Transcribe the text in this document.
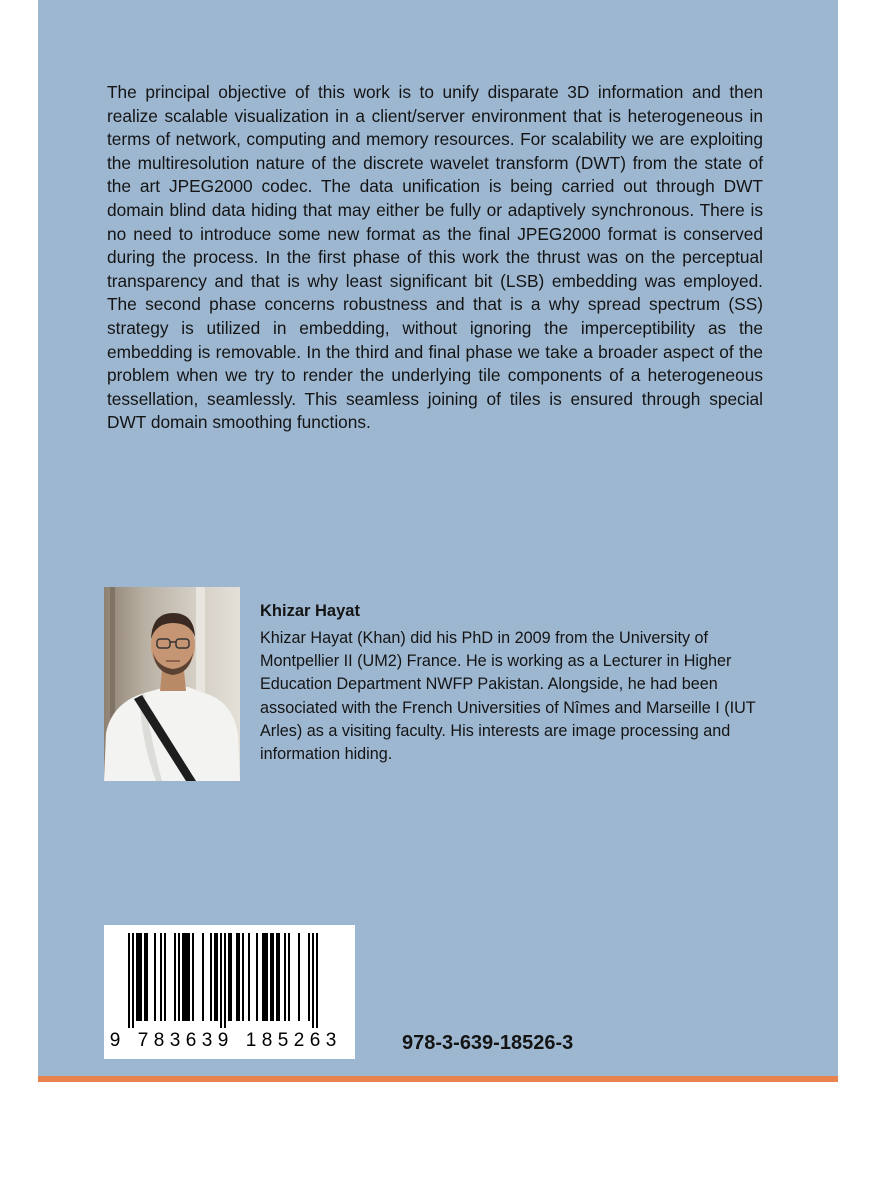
The principal objective of this work is to unify disparate 3D information and then realize scalable visualization in a client/server environment that is heterogeneous in terms of network, computing and memory resources. For scalability we are exploiting the multiresolution nature of the discrete wavelet transform (DWT) from the state of the art JPEG2000 codec. The data unification is being carried out through DWT domain blind data hiding that may either be fully or adaptively synchronous. There is no need to introduce some new format as the final JPEG2000 format is conserved during the process. In the first phase of this work the thrust was on the perceptual transparency and that is why least significant bit (LSB) embedding was employed. The second phase concerns robustness and that is a why spread spectrum (SS) strategy is utilized in embedding, without ignoring the imperceptibility as the embedding is removable. In the third and final phase we take a broader aspect of the problem when we try to render the underlying tile components of a heterogeneous tessellation, seamlessly. This seamless joining of tiles is ensured through special DWT domain smoothing functions.

Khizar Hayat

Khizar Hayat (Khan) did his PhD in 2009 from the University of Montpellier II (UM2) France. He is working as a Lecturer in Higher Education Department NWFP Pakistan. Alongside, he had been associated with the French Universities of Nîmes and Marseille I (IUT Arles) as a visiting faculty. His interests are image processing and information hiding.

9 7 8 3 6 3 9 1 8 5 2 6 3	978-3-639-18526-3
